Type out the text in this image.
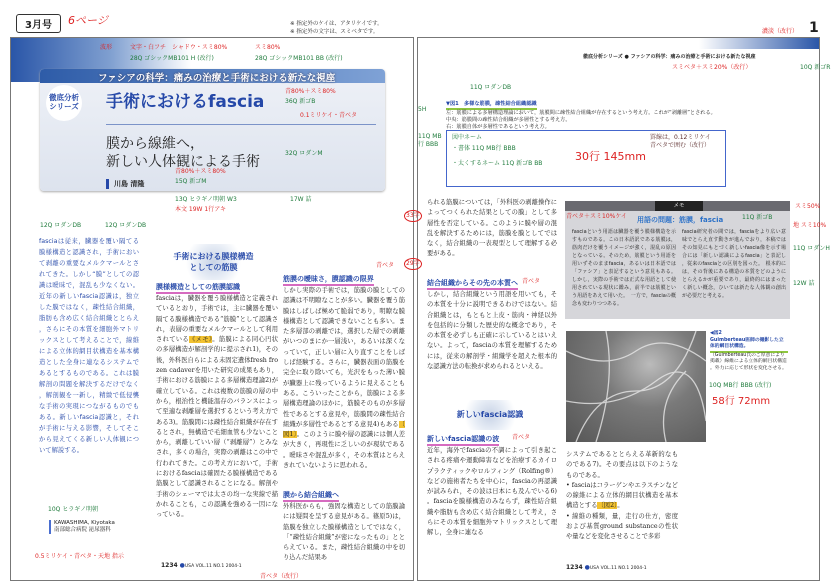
3月号	6ページ	※ 指定外のケイは、アタリケイです。
※ 指定外の文字は、スミベタです。	1
ファシアの科学：痛みの治療と手術における新たな視座
徹底分析シリーズ 手術におけるfascia
膜から線維へ，
新しい人体観による手術
川島 清隆
fasciaは従来，臓器を覆い隔てる膜様構造と認識され，手術において剥離の重要なメルクマールとされてきた。しかし“膜”としての認識は曖昧で，混乱も少なくない。近年の新しいfascia認識は，独立した膜ではなく，疎性結合組織，脂肪も含め広く結合組織ととらえ，さらにその本質を細胞外マトリックスとして考えることで，線維による立体的網目状構造を基本構造とした全身に連なるシステムであるとするものである。これは膜解剖の問題を解決するだけでなく，解剖観を一新し，精緻で低侵襲な手術の実現につながるものでもある。新しいfascia認識と，それが手術に与える影響，そしてそこから見えてくる新しい人体観について解説する。
手術における膜様構造としての筋膜
膜様構造としての筋膜認識
fasciaは，臓器を覆う膜様構造と定義されているとおり，手術では，主に臓器を覆い隔てる膜様構造である“筋膜”として認識され，表層の重要なメルクマールとして利用されている《メモ》。筋膜による同心円状の多層構造が解剖学的に提示され1)，その後，外科医自らによる未固定遺体fresh frozen cadaverを用いた研究の成果もあり，手術における筋膜による多層構造理論2)が確立している。これは複数の筋膜の層の中から，根治性と機能温存のバランスによって至適な剥離層を選択するという考え方である3)。筋膜間には疎性結合組織が存在するとされ，無構造で毛細血管も少ないことから，剥離していい層（“剥離層”）とみなされ，多くの場合，実際の剥離はこの中で行われてきた。この考え方において，手術におけるfasciaは確固たる膜様構造である筋膜として認識されることになる。解剖や手術のシェーマでは太さの均一な実線で描かれることも，この認識を強める一因になっている。
筋膜の曖昧さ，膜認識の限界
しかし実際の手術では，筋膜の膜としての認識は不明瞭なことが多い。臓器を覆う筋膜はしばしば極めて脆弱であり，明瞭な膜様構造として認識できないことも多い。また多層部の剥離では，選択した層での剥離がいつのまにか一層浅い，あるいは深くなっていて，正しい層に入り直すことをしばしば経験する。さらに，臓器表面の筋膜を完全に取り除いても，光沢をもった薄い膜が臓器上に残っているように見えることもある。こういったことから，筋膜による多層構造理論のほかに，筋膜そのものが多層性であるとする意見や，筋膜間の疎性結合組織が多層性であるとする意見4)もある〔図1〕。このように膜や層の認識には個人差が大きく，再現性に乏しいのが現状である。曖昧さや混乱が多く，その本質はとらえきれていないように思われる。
膜から結合組織へ
外科医からも，強固な構造としての筋膜論には疑問を呈する意見がある。篠原5)は，筋膜を独立した膜様構造としてではなく，「“疎性結合組織”が密になったもの」ととらえている。また，疎性結合組織の中を切り込んだ結果あ
KAWASHIMA, Kiyotaka
南部総合病院 泌尿器科
1234 ●USA VOL.11 NO.1 2004-1
徹底分析シリーズ ● ファシアの科学：痛みの治療と手術における新たな視座
▼図1　多様な筋膜，疎性結合組織認識
左：筋膜による多層構造理論において，筋膜間に疎性結合組織が存在するという考え方。これが“剥離層”とされる。
中央：筋膜間の疎性結合組織が多層性とする考え方。
右：筋膜自体が多層性であるという考え方。
られる筋膜については，「外科医の剥離操作によってつくられた結果としての膜」として多層性を否定している。このように膜や層の混乱を解決するためには，筋膜を膜としてではなく，結合組織の一表現型として理解する必要がある。
結合組織からその先の本質へ
しかし，結合組織という用語を用いても，その本質を十分に説明できるわけではない。結合組織とは，もともと上皮・筋肉・神経以外を包括的に分類した歴史的な概念であり，その本質を必ずしも正確に示しているとはいえない。よって，fasciaの本質を理解するためには，従来の解剖学・組織学を超えた根本的な認識方法の転換が求められるといえる。
新しいfascia認識
新しいfascia認識の波
近年，海外でfasciaの不調によって引き起こされる疼痛や運動障害などを治療するカイロプラクティックやロルフィング（Rolfing®）などの施術者たちを中心に，fasciaの再認識が試みられ，その波は日本にも及んでいる6)。fasciaを膜様構造のみならず，疎性結合組織や脂肪も含め広く結合組織として考え，さらにその本質を細胞外マトリックスとして理解し，全身に連なる
メモ
用語の問題：筋膜，fascia
fasciaという用語は臓器を覆う膜様構造を示すものである。この日本語訳である筋膜は，筋肉だけを覆うイメージが強く，混乱の原因となっている。そのため，筋膜という用語を用いずそのままfascia，あるいは日本語では「ファシア」と表記するという意見もある。しかし，実際の手術では正式な用語として使用されている現状に鑑み，前半では筋膜という用語をあえて用いた。　一方で，fasciaの概念も変わりつつある。
fascia研究者の間では，fasciaをより広い意味でとらえ直す動きが進んでおり，本稿ではその知見にもとづく新しいfascia像を示す場合には「新しい認識によるfascia」と表記し，従来のfasciaとの区別を図った。　根本的には，その背後にある構造の本質をどのようにとらえるかが重要であり，最終的にはまったく新しい概念，ひいては新たな人体観の創出が必要だと考える。
◀図2
Guimberteau医師の撮影した立体的網目状構造。
（Guimberteau氏のご厚意により掲載）線維による立体的網目状構造。外力に応じて形状を変化させる。
システムであるととらえる革新的なものである7)。その要点は以下のようなものである。
• fasciaはコラーゲンやエラスチンなどの線維による立体的網目状構造を基本構造とする〔図2〕。
• 線維の種類，量，走行の仕方，密度および基質ground substanceの性状や量などを変化させることで多彩
1234 ●USA VOL.11 NO.1 2004-1
波形	文字・白フチ　シャドウ・スミ80%	スミ80%
青80%＋スミ80%
0.1ミリケイ・青ベタ
青80%＋スミ80%
本文 19W 1行アキ
青ベタ	29字
33字
青ベタ
青ベタ
30行 145mm
罫線は，0.12ミリケイ　青ベタで囲む（改行）
スミベタ＋スミ20%（改行）
濃淡（改行）
58行 72mm
0.5ミリケイ・青ベタ・天地 指示
スミ50%
地 スミ10%
青ベタ＋スミ10%ケイ
青ベタ（改行）
28Q ゴシックMB101 H (改行)	28Q ゴシックMB101 BB (改行)
36Q 新ゴB
32Q ロダンM
15Q 新ゴM
12Q ロダンDB
13Q ヒラギノ明朝 W3	17W 詰
10Q ヒラギノ明朝
11Q ロダンDB
11Q MB行 BBB
図中ネーム
・書体 11Q MB行 BBB
・太くするネーム 11Q 新ゴB BB
10Q 新ゴR
11Q ロダンH
11Q 新ゴB
12Q ロダンDB
12W 詰
10Q MB行 BBB (改行)
5H
